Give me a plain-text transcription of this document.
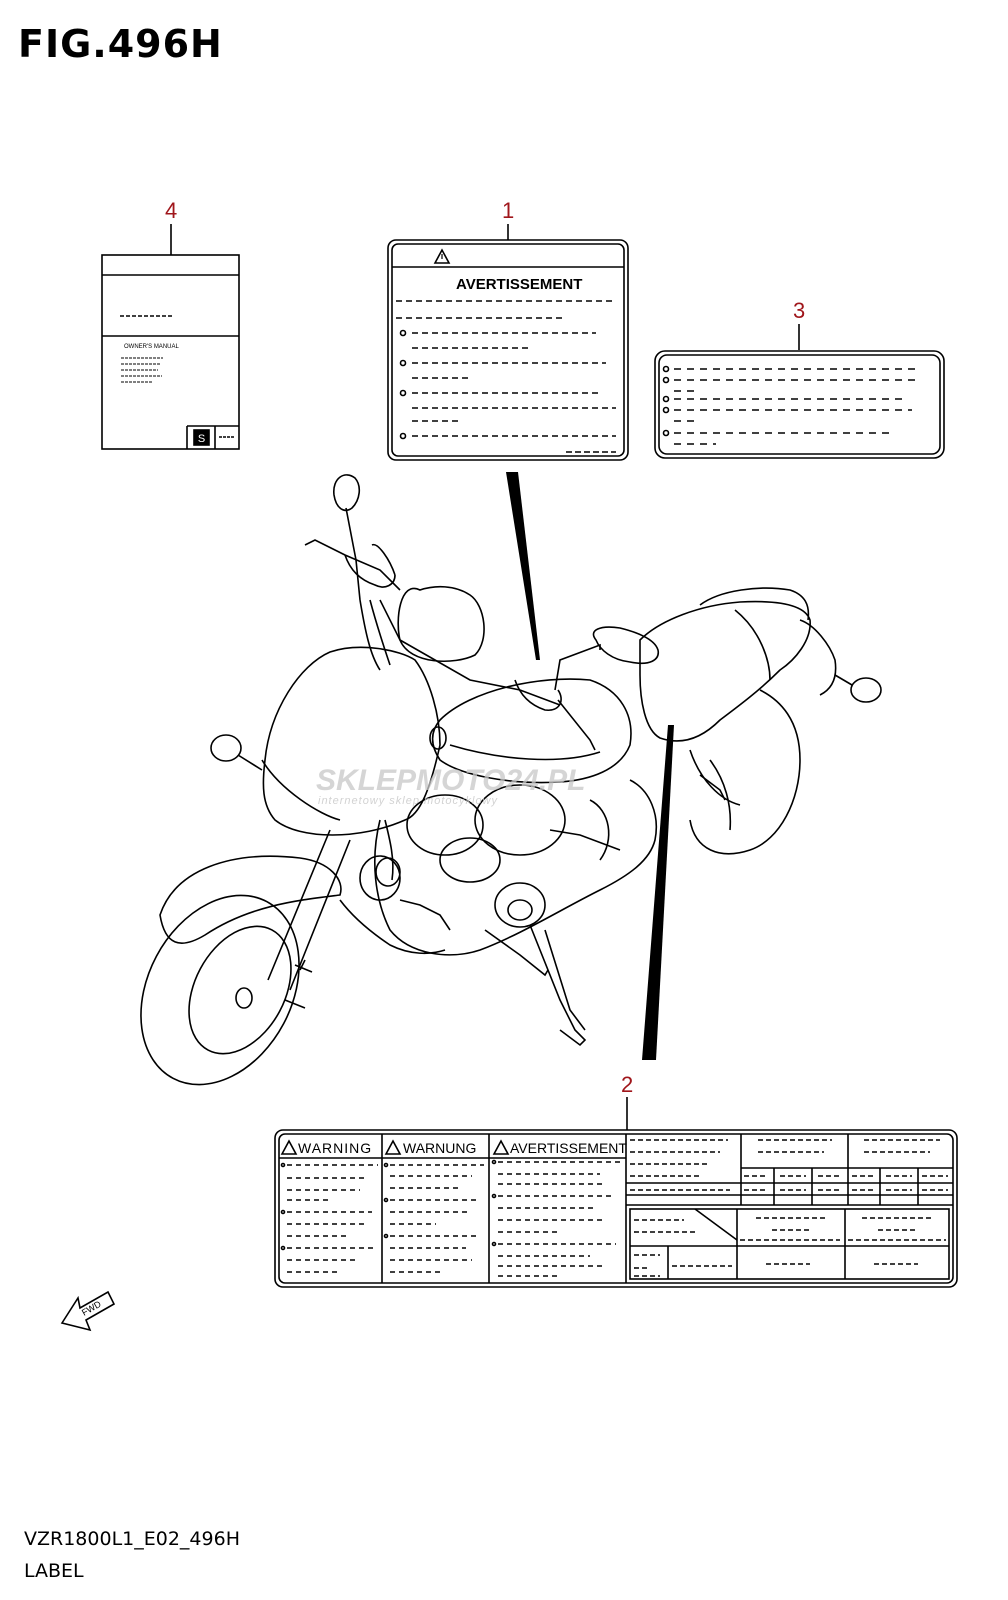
FIG.496H
4	1
3
2
S
AVERTISSEMENT
OWNER'S MANUAL
WARNING WARNUNG AVERTISSEMENT
FWD
SKLEPMOTO24.PL
internetowy sklep motocyklowy
VZR1800L1_E02_496H
LABEL
